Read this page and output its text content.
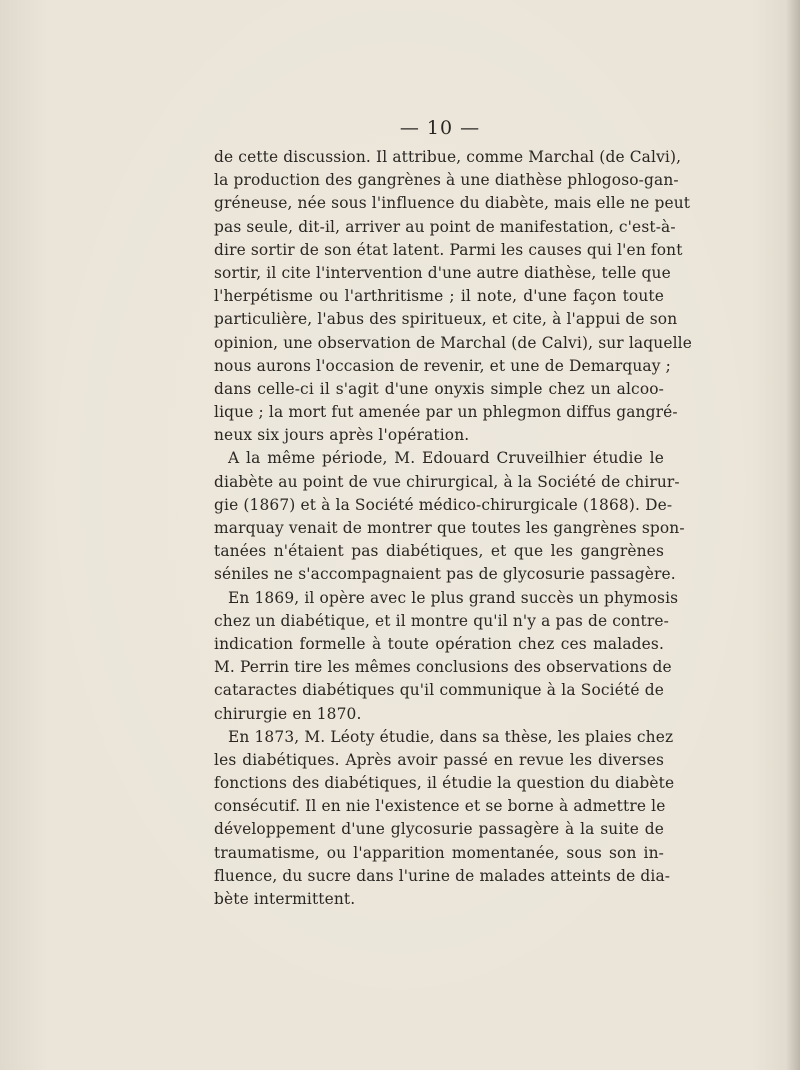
— 10 —
de cette discussion. Il attribue, comme Marchal (de Calvi),
la production des gangrènes à une diathèse phlogoso-gan-
gréneuse, née sous l'influence du diabète, mais elle ne peut
pas seule, dit-il, arriver au point de manifestation, c'est-à-
dire sortir de son état latent. Parmi les causes qui l'en font
sortir, il cite l'intervention d'une autre diathèse, telle que
l'herpétisme ou l'arthritisme ; il note, d'une façon toute
particulière, l'abus des spiritueux, et cite, à l'appui de son
opinion, une observation de Marchal (de Calvi), sur laquelle
nous aurons l'occasion de revenir, et une de Demarquay ;
dans celle-ci il s'agit d'une onyxis simple chez un alcoo-
lique ; la mort fut amenée par un phlegmon diffus gangré-
neux six jours après l'opération.
A la même période, M. Edouard Cruveilhier étudie le
diabète au point de vue chirurgical, à la Société de chirur-
gie (1867) et à la Société médico-chirurgicale (1868). De-
marquay venait de montrer que toutes les gangrènes spon-
tanées n'étaient pas diabétiques, et que les gangrènes
séniles ne s'accompagnaient pas de glycosurie passagère.
En 1869, il opère avec le plus grand succès un phymosis
chez un diabétique, et il montre qu'il n'y a pas de contre-
indication formelle à toute opération chez ces malades.
M. Perrin tire les mêmes conclusions des observations de
cataractes diabétiques qu'il communique à la Société de
chirurgie en 1870.
En 1873, M. Léoty étudie, dans sa thèse, les plaies chez
les diabétiques. Après avoir passé en revue les diverses
fonctions des diabétiques, il étudie la question du diabète
consécutif. Il en nie l'existence et se borne à admettre le
développement d'une glycosurie passagère à la suite de
traumatisme, ou l'apparition momentanée, sous son in-
fluence, du sucre dans l'urine de malades atteints de dia-
bète intermittent.
